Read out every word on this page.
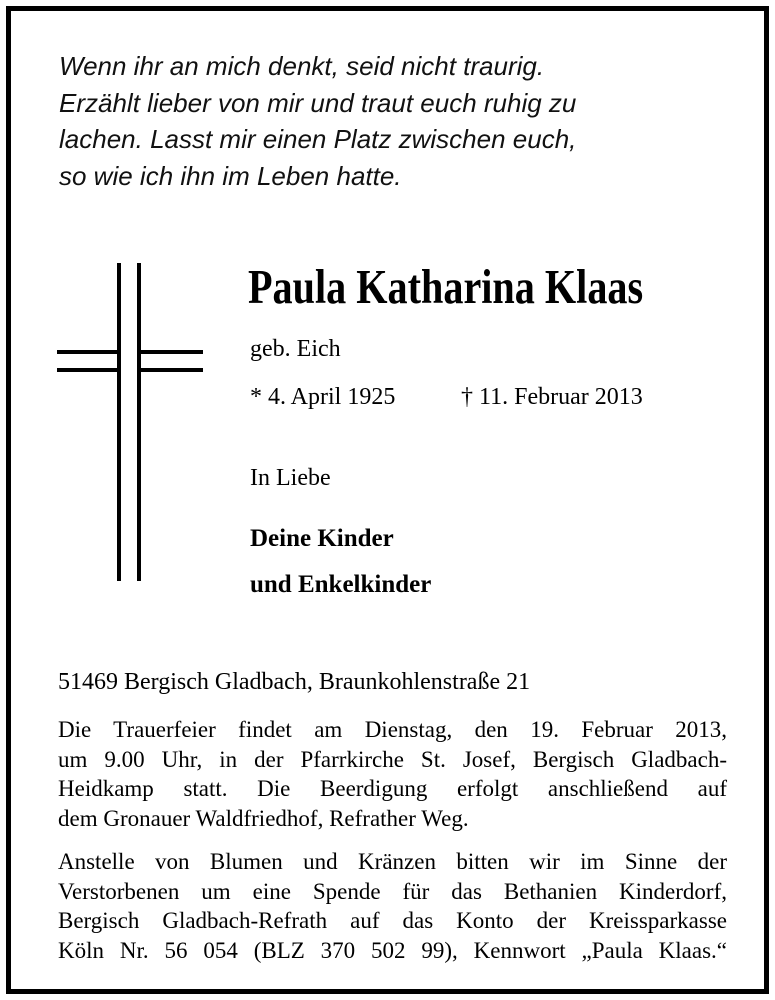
Wenn ihr an mich denkt, seid nicht traurig.
Erzählt lieber von mir und traut euch ruhig zu
lachen. Lasst mir einen Platz zwischen euch,
so wie ich ihn im Leben hatte.
Paula Katharina Klaas
geb. Eich
* 4. April 1925	† 11. Februar 2013
In Liebe
Deine Kinder
und Enkelkinder
51469 Bergisch Gladbach, Braunkohlenstraße 21
Die Trauerfeier findet am Dienstag, den 19. Februar 2013,
um 9.00 Uhr, in der Pfarrkirche St. Josef, Bergisch Gladbach-
Heidkamp statt. Die Beerdigung erfolgt anschließend auf
dem Gronauer Waldfriedhof, Refrather Weg.
Anstelle von Blumen und Kränzen bitten wir im Sinne der
Verstorbenen um eine Spende für das Bethanien Kinderdorf,
Bergisch Gladbach-Refrath auf das Konto der Kreissparkasse
Köln Nr. 56 054 (BLZ 370 502 99), Kennwort „Paula Klaas.“
